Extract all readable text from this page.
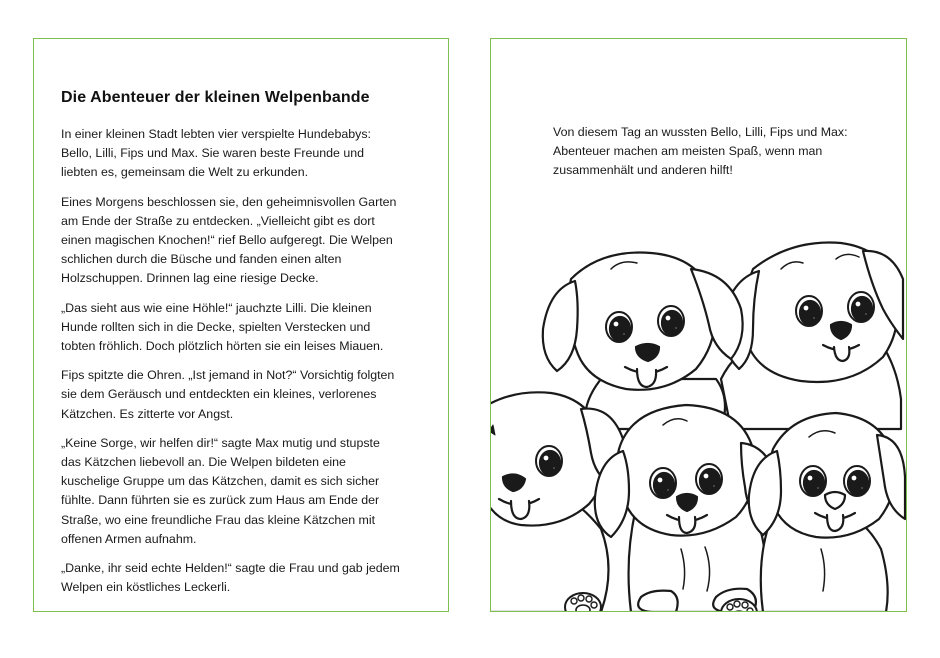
Die Abenteuer der kleinen Welpenbande

In einer kleinen Stadt lebten vier verspielte Hundebabys: Bello, Lilli, Fips und Max. Sie waren beste Freunde und liebten es, gemeinsam die Welt zu erkunden.

Eines Morgens beschlossen sie, den geheimnisvollen Garten am Ende der Straße zu entdecken. „Vielleicht gibt es dort einen magischen Knochen!“ rief Bello aufgeregt. Die Welpen schlichen durch die Büsche und fanden einen alten Holzschuppen. Drinnen lag eine riesige Decke.

„Das sieht aus wie eine Höhle!“ jauchzte Lilli. Die kleinen Hunde rollten sich in die Decke, spielten Verstecken und tobten fröhlich. Doch plötzlich hörten sie ein leises Miauen.

Fips spitzte die Ohren. „Ist jemand in Not?“ Vorsichtig folgten sie dem Geräusch und entdeckten ein kleines, verlorenes Kätzchen. Es zitterte vor Angst.

„Keine Sorge, wir helfen dir!“ sagte Max mutig und stupste das Kätzchen liebevoll an. Die Welpen bildeten eine kuschelige Gruppe um das Kätzchen, damit es sich sicher fühlte. Dann führten sie es zurück zum Haus am Ende der Straße, wo eine freundliche Frau das kleine Kätzchen mit offenen Armen aufnahm.

„Danke, ihr seid echte Helden!“ sagte die Frau und gab jedem Welpen ein köstliches Leckerli.

Von diesem Tag an wussten Bello, Lilli, Fips und Max: Abenteuer machen am meisten Spaß, wenn man zusammenhält und anderen hilft!
